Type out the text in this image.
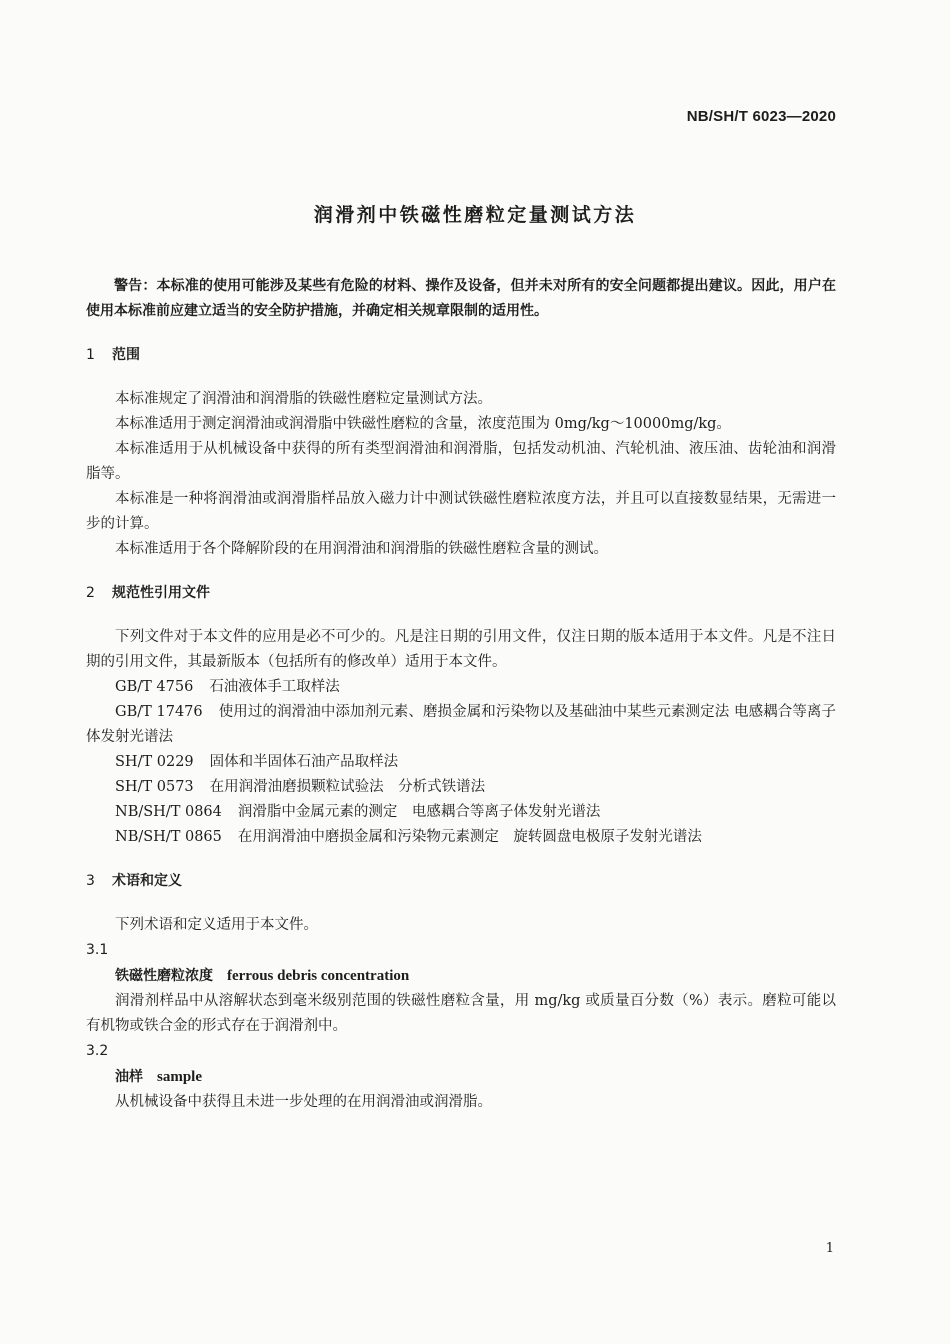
NB/SH/T 6023—2020
润滑剂中铁磁性磨粒定量测试方法

警告：本标准的使用可能涉及某些有危险的材料、操作及设备，但并未对所有的安全问题都提出建议。因此，用户在使用本标准前应建立适当的安全防护措施，并确定相关规章限制的适用性。

1 范围

本标准规定了润滑油和润滑脂的铁磁性磨粒定量测试方法。

本标准适用于测定润滑油或润滑脂中铁磁性磨粒的含量，浓度范围为 0mg/kg～10000mg/kg。

本标准适用于从机械设备中获得的所有类型润滑油和润滑脂，包括发动机油、汽轮机油、液压油、齿轮油和润滑脂等。

本标准是一种将润滑油或润滑脂样品放入磁力计中测试铁磁性磨粒浓度方法，并且可以直接数显结果，无需进一步的计算。

本标准适用于各个降解阶段的在用润滑油和润滑脂的铁磁性磨粒含量的测试。

2 规范性引用文件

下列文件对于本文件的应用是必不可少的。凡是注日期的引用文件，仅注日期的版本适用于本文件。凡是不注日期的引用文件，其最新版本（包括所有的修改单）适用于本文件。

GB/T 4756 石油液体手工取样法

GB/T 17476 使用过的润滑油中添加剂元素、磨损金属和污染物以及基础油中某些元素测定法 电感耦合等离子体发射光谱法

SH/T 0229 固体和半固体石油产品取样法

SH/T 0573 在用润滑油磨损颗粒试验法　分析式铁谱法

NB/SH/T 0864 润滑脂中金属元素的测定　电感耦合等离子体发射光谱法

NB/SH/T 0865 在用润滑油中磨损金属和污染物元素测定　旋转圆盘电极原子发射光谱法

3 术语和定义

下列术语和定义适用于本文件。

3.1

铁磁性磨粒浓度 ferrous debris concentration

润滑剂样品中从溶解状态到毫米级别范围的铁磁性磨粒含量，用 mg/kg 或质量百分数（%）表示。磨粒可能以有机物或铁合金的形式存在于润滑剂中。

3.2

油样 sample

从机械设备中获得且未进一步处理的在用润滑油或润滑脂。

1
